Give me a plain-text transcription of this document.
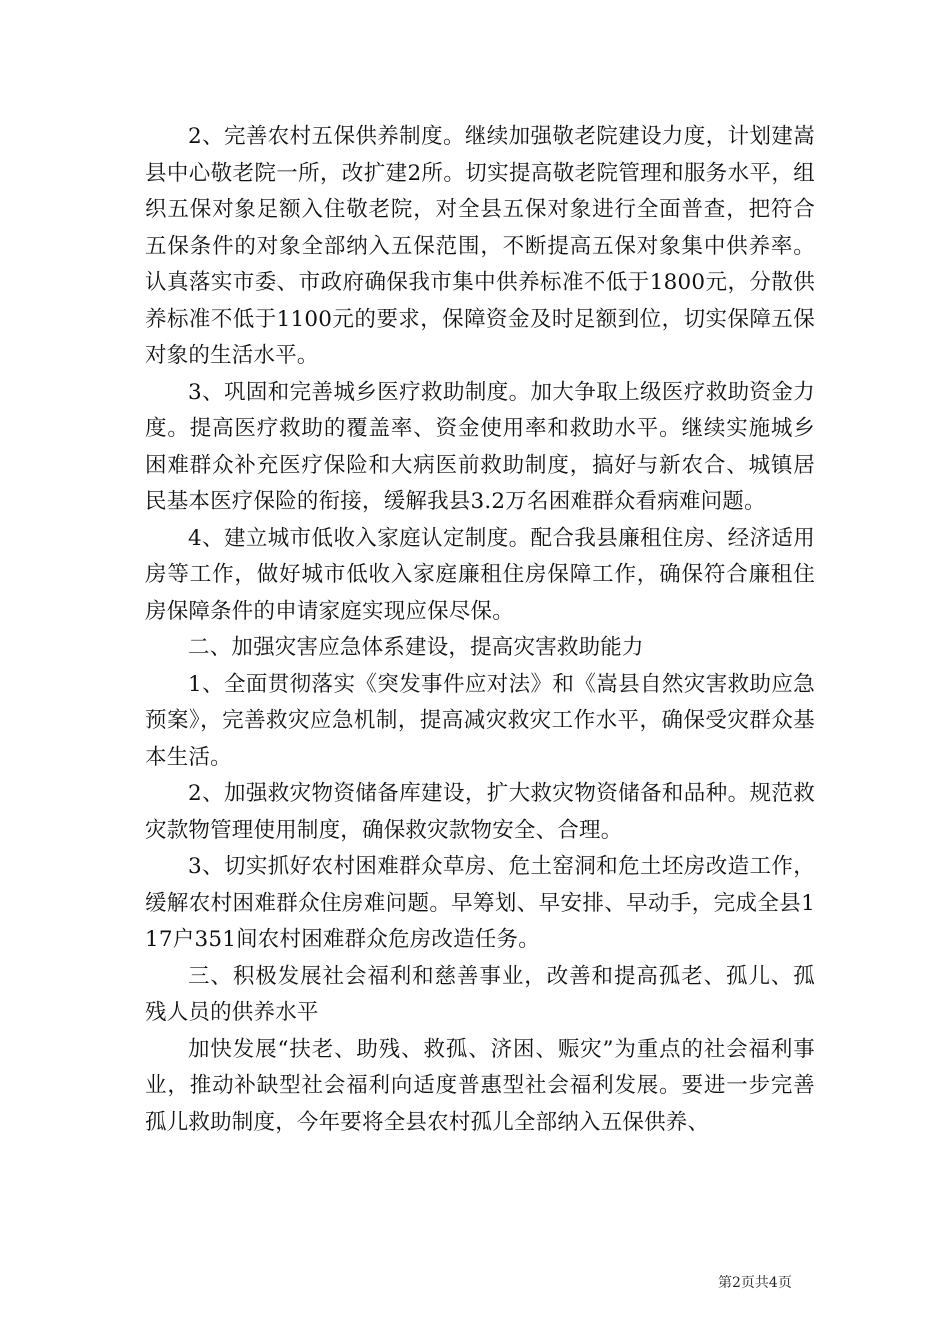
2、完善农村五保供养制度。继续加强敬老院建设力度，计划建嵩县中心敬老院一所，改扩建2所。切实提高敬老院管理和服务水平，组织五保对象足额入住敬老院，对全县五保对象进行全面普查，把符合五保条件的对象全部纳入五保范围，不断提高五保对象集中供养率。认真落实市委、市政府确保我市集中供养标准不低于1800元，分散供养标准不低于1100元的要求，保障资金及时足额到位，切实保障五保对象的生活水平。

3、巩固和完善城乡医疗救助制度。加大争取上级医疗救助资金力度。提高医疗救助的覆盖率、资金使用率和救助水平。继续实施城乡困难群众补充医疗保险和大病医前救助制度，搞好与新农合、城镇居民基本医疗保险的衔接，缓解我县3.2万名困难群众看病难问题。

4、建立城市低收入家庭认定制度。配合我县廉租住房、经济适用房等工作，做好城市低收入家庭廉租住房保障工作，确保符合廉租住房保障条件的申请家庭实现应保尽保。

二、加强灾害应急体系建设，提高灾害救助能力

1、全面贯彻落实《突发事件应对法》和《嵩县自然灾害救助应急预案》，完善救灾应急机制，提高减灾救灾工作水平，确保受灾群众基本生活。

2、加强救灾物资储备库建设，扩大救灾物资储备和品种。规范救灾款物管理使用制度，确保救灾款物安全、合理。

3、切实抓好农村困难群众草房、危土窑洞和危土坯房改造工作，缓解农村困难群众住房难问题。早筹划、早安排、早动手，完成全县117户351间农村困难群众危房改造任务。

三、积极发展社会福利和慈善事业，改善和提高孤老、孤儿、孤残人员的供养水平

加快发展“扶老、助残、救孤、济困、赈灾”为重点的社会福利事业，推动补缺型社会福利向适度普惠型社会福利发展。要进一步完善孤儿救助制度，今年要将全县农村孤儿全部纳入五保供养、

第2页共4页
